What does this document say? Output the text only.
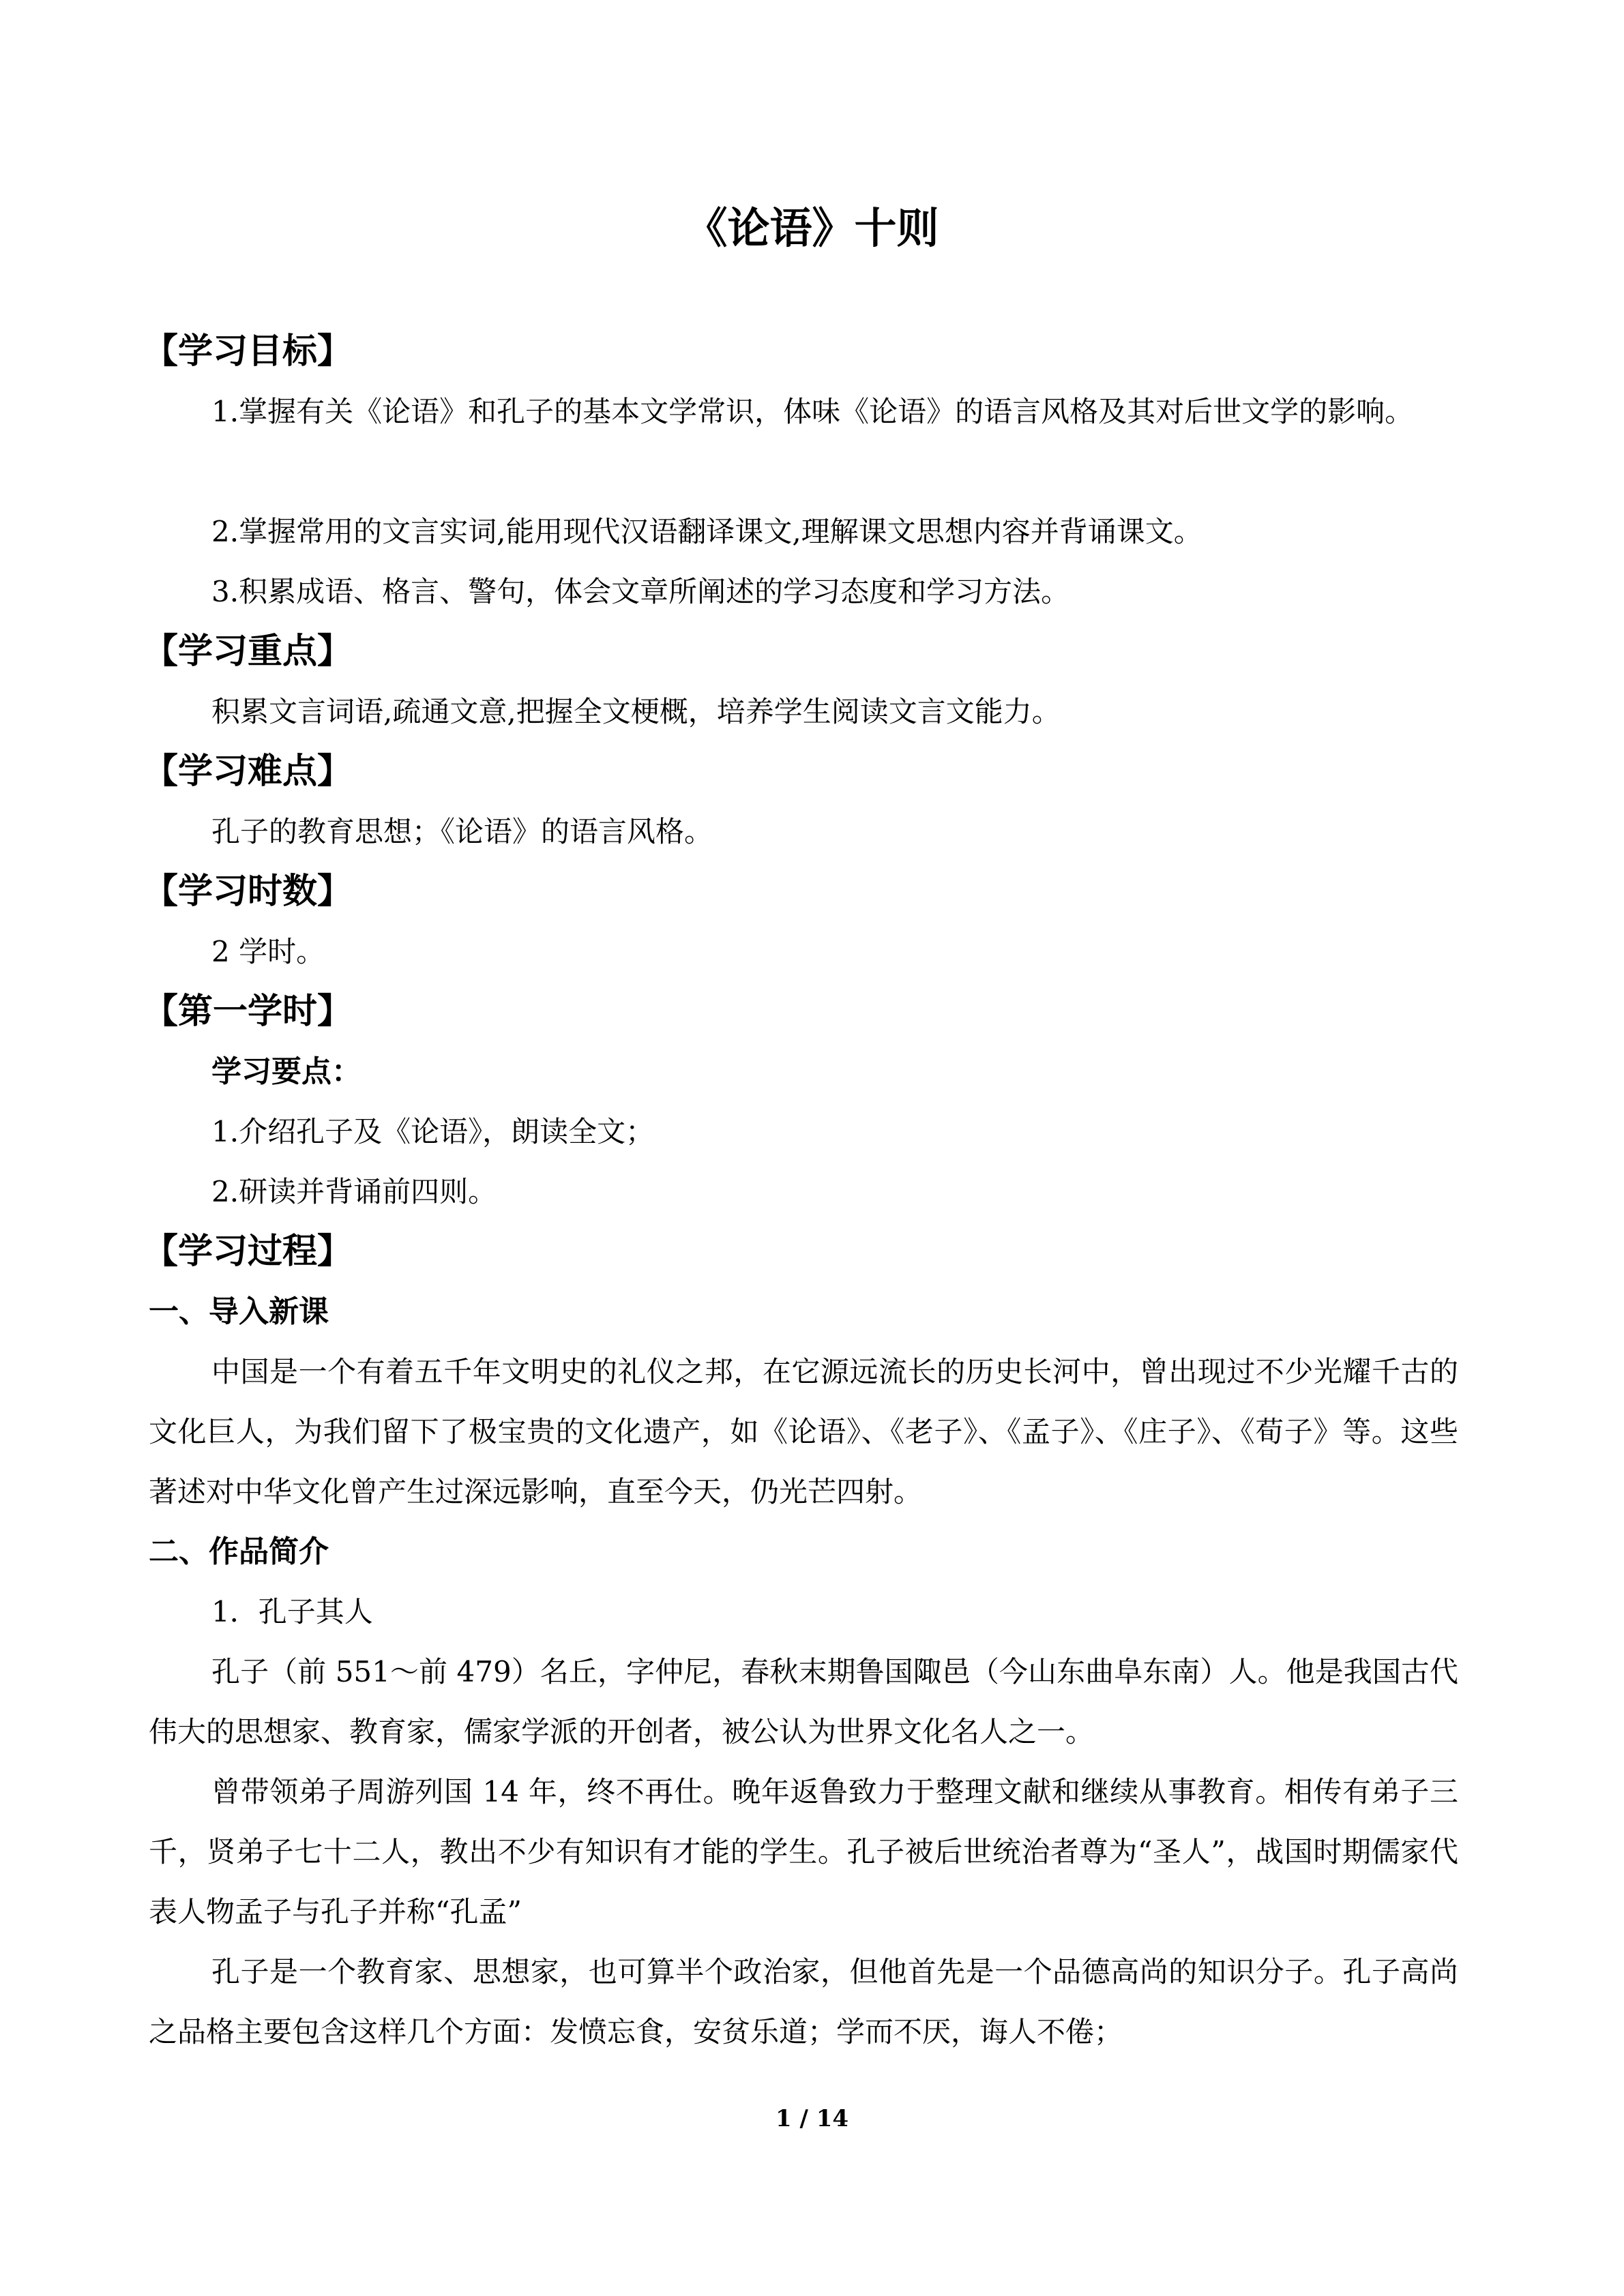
《论语》十则
【学习目标】
1.掌握有关《论语》和孔子的基本文学常识，体味《论语》的语言风格及其对后世文学的影响。
2.掌握常用的文言实词,能用现代汉语翻译课文,理解课文思想内容并背诵课文。
3.积累成语、格言、警句，体会文章所阐述的学习态度和学习方法。
【学习重点】
积累文言词语,疏通文意,把握全文梗概，培养学生阅读文言文能力。
【学习难点】
孔子的教育思想；《论语》的语言风格。
【学习时数】
2 学时。
【第一学时】
学习要点：
1.介绍孔子及《论语》，朗读全文；
2.研读并背诵前四则。
【学习过程】
一、导入新课
中国是一个有着五千年文明史的礼仪之邦，在它源远流长的历史长河中，曾出现过不少光耀千古的文化巨人，为我们留下了极宝贵的文化遗产，如《论语》、《老子》、《孟子》、《庄子》、《荀子》等。这些著述对中华文化曾产生过深远影响，直至今天，仍光芒四射。
二、作品简介
1．孔子其人
孔子（前 551～前 479）名丘，字仲尼，春秋末期鲁国陬邑（今山东曲阜东南）人。他是我国古代伟大的思想家、教育家，儒家学派的开创者，被公认为世界文化名人之一。
曾带领弟子周游列国 14 年，终不再仕。晚年返鲁致力于整理文献和继续从事教育。相传有弟子三千，贤弟子七十二人，教出不少有知识有才能的学生。孔子被后世统治者尊为“圣人”，战国时期儒家代表人物孟子与孔子并称“孔孟”
孔子是一个教育家、思想家，也可算半个政治家，但他首先是一个品德高尚的知识分子。孔子高尚之品格主要包含这样几个方面：发愤忘食，安贫乐道；学而不厌，诲人不倦；
1 / 14
